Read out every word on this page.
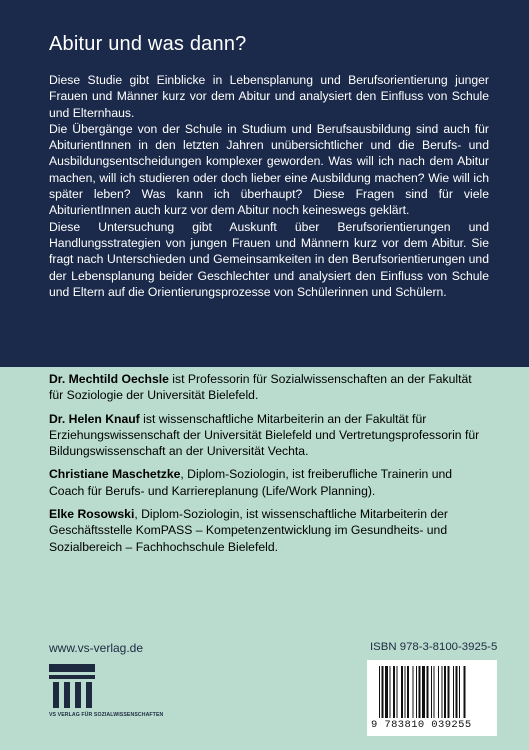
Abitur und was dann?

Diese Studie gibt Einblicke in Lebensplanung und Berufsorientierung junger Frauen und Männer kurz vor dem Abitur und analysiert den Einfluss von Schule und Elternhaus.

Die Übergänge von der Schule in Studium und Berufsausbildung sind auch für AbiturientInnen in den letzten Jahren unübersichtlicher und die Berufs- und Ausbildungsentscheidungen komplexer geworden. Was will ich nach dem Abitur machen, will ich studieren oder doch lieber eine Ausbildung machen? Wie will ich später leben? Was kann ich überhaupt? Diese Fragen sind für viele AbiturientInnen auch kurz vor dem Abitur noch keineswegs geklärt.

Diese Untersuchung gibt Auskunft über Berufsorientierungen und Handlungsstrategien von jungen Frauen und Männern kurz vor dem Abitur. Sie fragt nach Unterschieden und Gemeinsamkeiten in den Berufsorientierungen und der Lebensplanung beider Geschlechter und analysiert den Einfluss von Schule und Eltern auf die Orientierungsprozesse von Schülerinnen und Schülern.

Dr. Mechtild Oechsle ist Professorin für Sozialwissenschaften an der Fakultät für Soziologie der Universität Bielefeld.

Dr. Helen Knauf ist wissenschaftliche Mitarbeiterin an der Fakultät für Erziehungswissenschaft der Universität Bielefeld und Vertretungsprofessorin für Bildungswissenschaft an der Universität Vechta.

Christiane Maschetzke, Diplom-Soziologin, ist freiberufliche Trainerin und Coach für Berufs- und Karriereplanung (Life/Work Planning).

Elke Rosowski, Diplom-Soziologin, ist wissenschaftliche Mitarbeiterin der Geschäftsstelle KomPASS – Kompetenzentwicklung im Gesundheits- und Sozialbereich – Fachhochschule Bielefeld.

www.vs-verlag.de
VS VERLAG FÜR SOZIALWISSENSCHAFTEN
ISBN 978-3-8100-3925-5
9 783810 039255
